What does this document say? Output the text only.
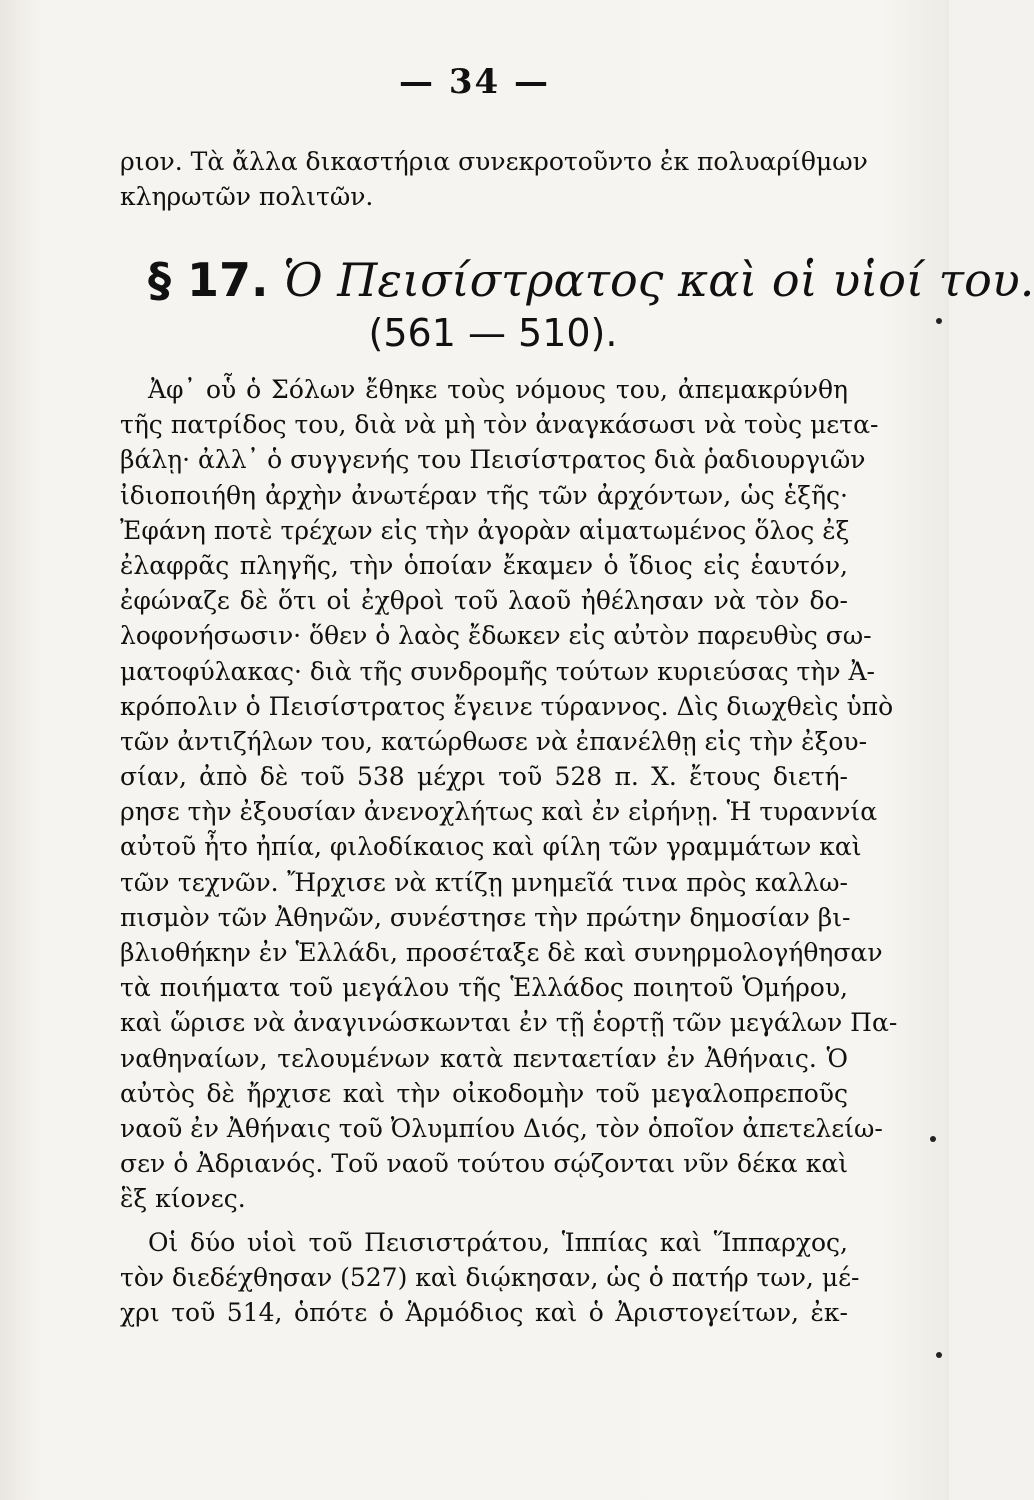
— 34 —
ριον. Τὰ ἄλλα δικαστήρια συνεκροτοῦντο ἐκ πολυαρίθμων
κληρωτῶν πολιτῶν.
§ 17. Ὁ Πεισίστρατος καὶ οἱ υἱοί του.
(561 — 510).
Ἀφ᾽ οὗ ὁ Σόλων ἔθηκε τοὺς νόμους του, ἀπεμακρύνθη
τῆς πατρίδος του, διὰ νὰ μὴ τὸν ἀναγκάσωσι νὰ τοὺς μετα-
βάλῃ· ἀλλ᾽ ὁ συγγενής του Πεισίστρατος διὰ ῥαδιουργιῶν
ἰδιοποιήθη ἀρχὴν ἀνωτέραν τῆς τῶν ἀρχόντων, ὡς ἑξῆς·
Ἐφάνη ποτὲ τρέχων εἰς τὴν ἀγορὰν αἱματωμένος ὅλος ἐξ
ἐλαφρᾶς πληγῆς, τὴν ὁποίαν ἔκαμεν ὁ ἴδιος εἰς ἑαυτόν,
ἐφώναζε δὲ ὅτι οἱ ἐχθροὶ τοῦ λαοῦ ἠθέλησαν νὰ τὸν δο-
λοφονήσωσιν· ὅθεν ὁ λαὸς ἔδωκεν εἰς αὐτὸν παρευθὺς σω-
ματοφύλακας· διὰ τῆς συνδρομῆς τούτων κυριεύσας τὴν Ἀ-
κρόπολιν ὁ Πεισίστρατος ἔγεινε τύραννος. Δὶς διωχθεὶς ὑπὸ
τῶν ἀντιζήλων του, κατώρθωσε νὰ ἐπανέλθῃ εἰς τὴν ἐξου-
σίαν, ἀπὸ δὲ τοῦ 538 μέχρι τοῦ 528 π. Χ. ἔτους διετή-
ρησε τὴν ἐξουσίαν ἀνενοχλήτως καὶ ἐν εἰρήνῃ. Ἡ τυραννία
αὐτοῦ ἦτο ἠπία, φιλοδίκαιος καὶ φίλη τῶν γραμμάτων καὶ
τῶν τεχνῶν. Ἤρχισε νὰ κτίζῃ μνημεῖά τινα πρὸς καλλω-
πισμὸν τῶν Ἀθηνῶν, συνέστησε τὴν πρώτην δημοσίαν βι-
βλιοθήκην ἐν Ἑλλάδι, προσέταξε δὲ καὶ συνηρμολογήθησαν
τὰ ποιήματα τοῦ μεγάλου τῆς Ἑλλάδος ποιητοῦ Ὁμήρου,
καὶ ὥρισε νὰ ἀναγινώσκωνται ἐν τῇ ἑορτῇ τῶν μεγάλων Πα-
ναθηναίων, τελουμένων κατὰ πενταετίαν ἐν Ἀθήναις. Ὁ
αὐτὸς δὲ ἤρχισε καὶ τὴν οἰκοδομὴν τοῦ μεγαλοπρεποῦς
ναοῦ ἐν Ἀθήναις τοῦ Ὀλυμπίου Διός, τὸν ὁποῖον ἀπετελείω-
σεν ὁ Ἀδριανός. Τοῦ ναοῦ τούτου σῴζονται νῦν δέκα καὶ
ἓξ κίονες.
Οἱ δύο υἱοὶ τοῦ Πεισιστράτου, Ἱππίας καὶ Ἵππαρχος,
τὸν διεδέχθησαν (527) καὶ διῴκησαν, ὡς ὁ πατήρ των, μέ-
χρι τοῦ 514, ὁπότε ὁ Ἁρμόδιος καὶ ὁ Ἀριστογείτων, ἐκ-
